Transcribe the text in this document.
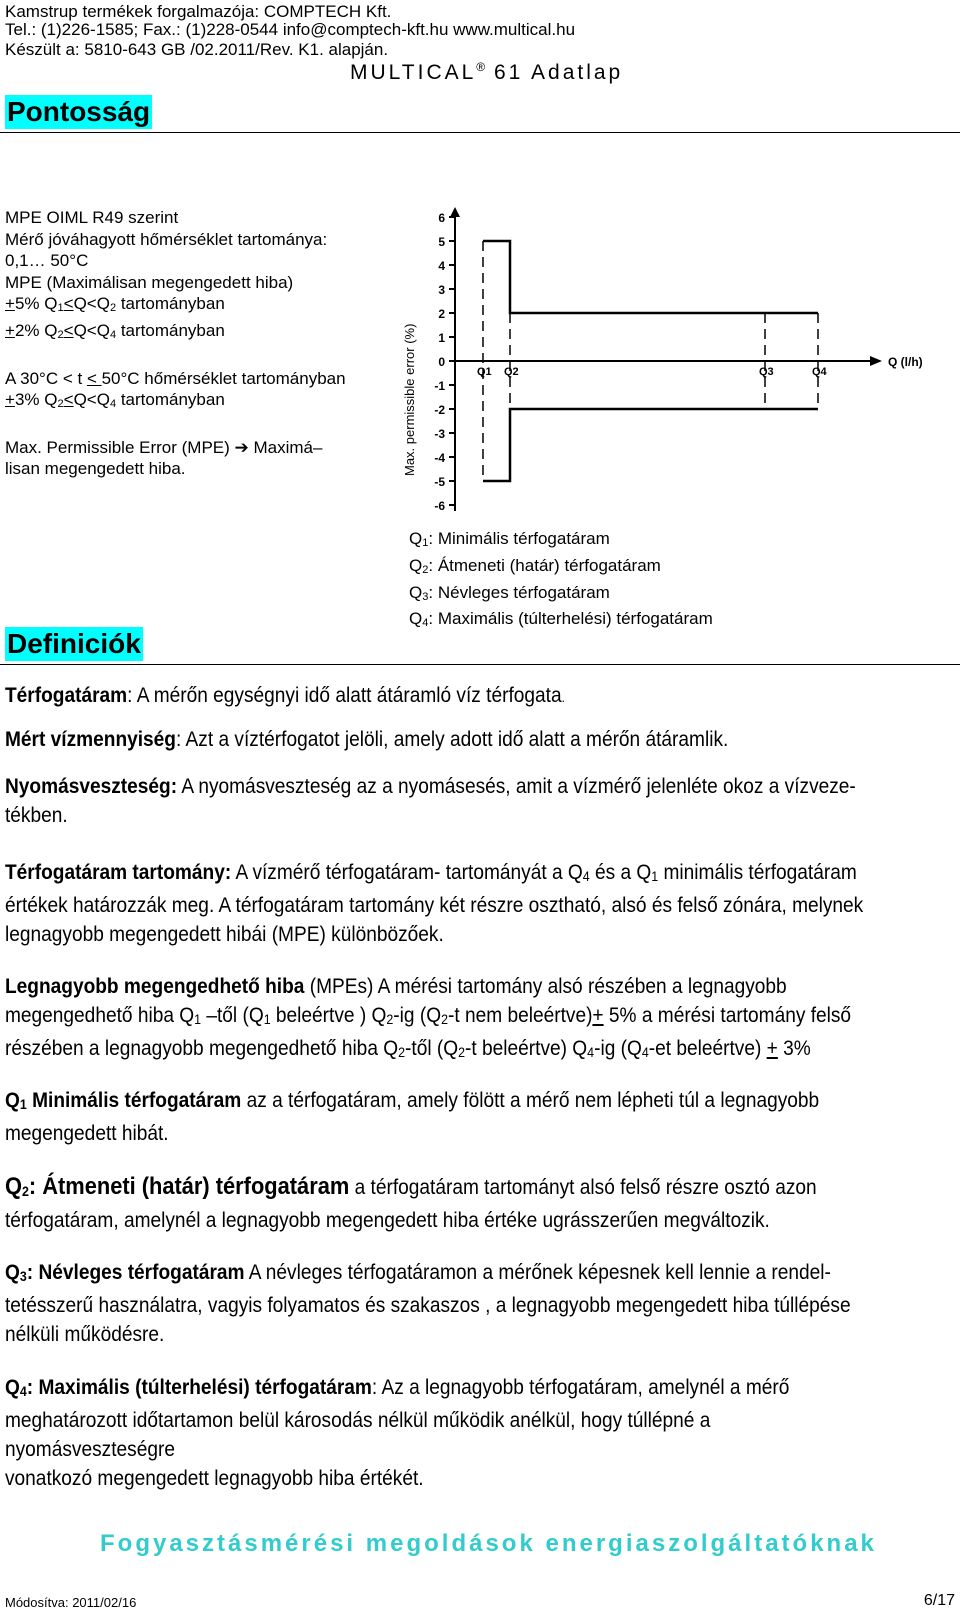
Kamstrup termékek forgalmazója: COMPTECH Kft.
Tel.: (1)226-1585; Fax.: (1)228-0544 info@comptech-kft.hu www.multical.hu
Készült a: 5810-643 GB /02.2011/Rev. K1. alapján.
MULTICAL® 61 Adatlap
Pontosság

MPE OIML R49 szerint

Mérő jóváhagyott hőmérséklet tartománya:

0,1… 50°C

MPE (Maximálisan megengedett hiba)

+5% $Q_1<Q<Q_2$ tartományban

+2% $Q_2<Q<Q_4$ tartományban

A 30°C < t < 50°C hőmérséklet tartományban

+3% $Q_2<Q<Q_4$ tartományban

Max. Permissible Error (MPE) ➔ Maximá–

lisan megengedett hiba.

6
5
4
3
2
1
0
-1
-2
-3
-4
-5
-6
Max. permissible error (%)	Q (l/h)
Q1 Q2	Q3	Q4

$Q_1$: Minimális térfogatáram

$Q_2$: Átmeneti (határ) térfogatáram

$Q_3$: Névleges térfogatáram

$Q_4$: Maximális (túlterhelési) térfogatáram

Definiciók

Térfogatáram: A mérőn egységnyi idő alatt átáramló víz térfogata.

Mért vízmennyiség: Azt a víztérfogatot jelöli, amely adott idő alatt a mérőn átáramlik.

Nyomásveszteség: A nyomásveszteség az a nyomásesés, amit a vízmérő jelenléte okoz a vízveze-

tékben.

Térfogatáram tartomány: A vízmérő térfogatáram- tartományát a $Q_4$ és a $Q_1$ minimális térfogatáram

értékek határozzák meg. A térfogatáram tartomány két részre osztható, alsó és felső zónára, melynek

legnagyobb megengedett hibái (MPE) különbözőek.

Legnagyobb megengedhető hiba (MPEs) A mérési tartomány alsó részében a legnagyobb

megengedhető hiba $Q_1$ –től ($Q_1$ beleértve ) $Q_2-ig$ ($Q_2-t$ nem beleértve)+ 5% a mérési tartomány felső

részében a legnagyobb megengedhető hiba $Q_2$-től ($Q_2-t$ beleértve) $Q_4-ig$ ($Q_4-et$ beleértve) + 3%

$Q_1$ Minimális térfogatáram az a térfogatáram, amely fölött a mérő nem lépheti túl a legnagyobb

megengedett hibát.

$Q_2$: Átmeneti (határ) térfogatáram a térfogatáram tartományt alsó felső részre osztó azon

térfogatáram, amelynél a legnagyobb megengedett hiba értéke ugrásszerűen megváltozik.

$Q_3$: Névleges térfogatáram A névleges térfogatáramon a mérőnek képesnek kell lennie a rendel-

tetésszerű használatra, vagyis folyamatos és szakaszos , a legnagyobb megengedett hiba túllépése

nélküli működésre.

$Q_4$: Maximális (túlterhelési) térfogatáram: Az a legnagyobb térfogatáram, amelynél a mérő

meghatározott időtartamon belül károsodás nélkül működik anélkül, hogy túllépné a nyomásveszteségre

vonatkozó megengedett legnagyobb hiba értékét.

Fogyasztásmérési megoldások energiaszolgáltatóknak
Módosítva: 2011/02/16	6/17
